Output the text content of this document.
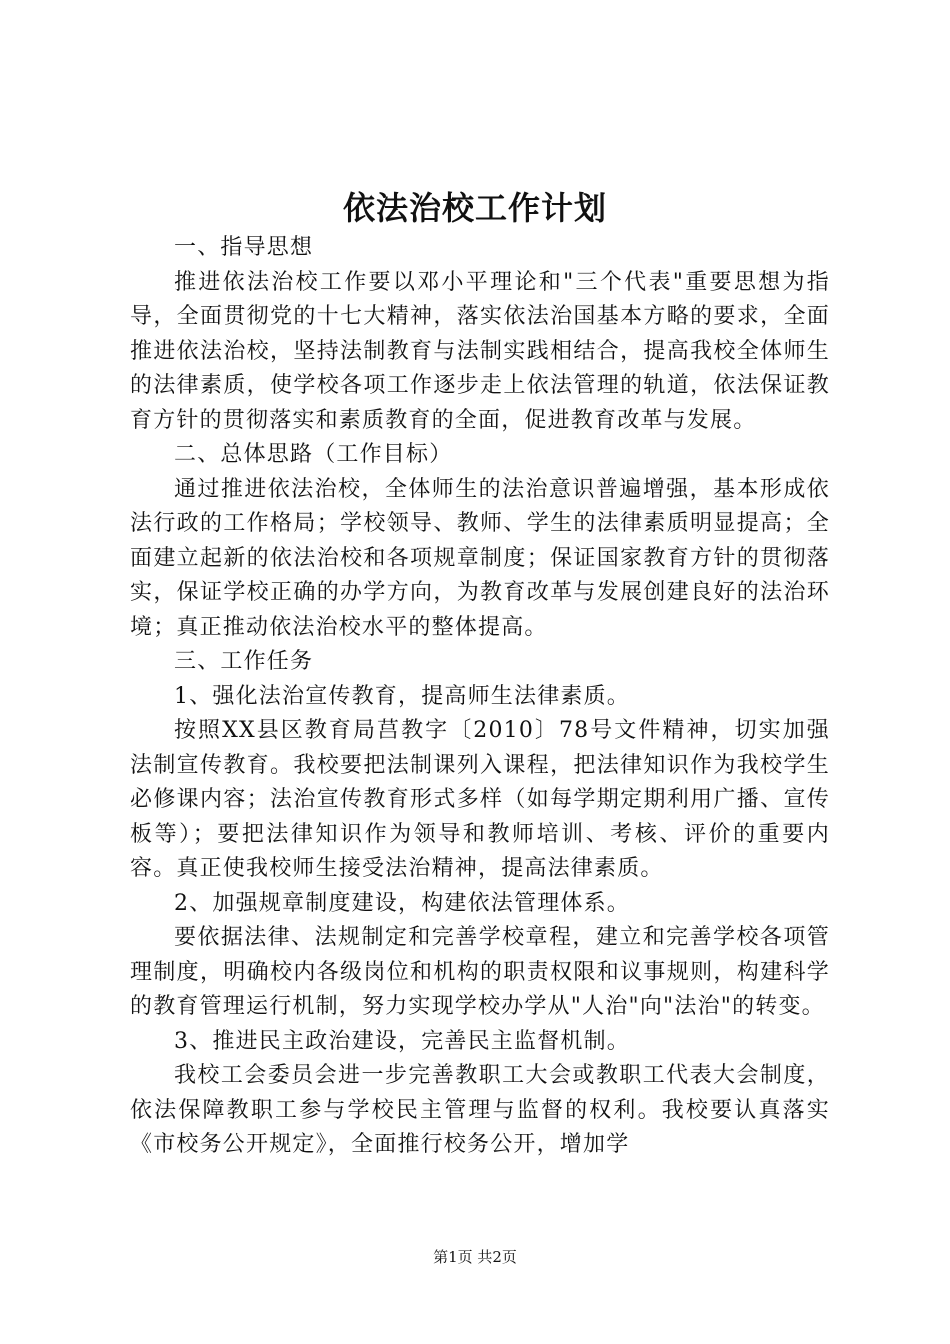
依法治校工作计划

一、指导思想

推进依法治校工作要以邓小平理论和"三个代表"重要思想为指导，全面贯彻党的十七大精神，落实依法治国基本方略的要求，全面推进依法治校，坚持法制教育与法制实践相结合，提高我校全体师生的法律素质，使学校各项工作逐步走上依法管理的轨道，依法保证教育方针的贯彻落实和素质教育的全面，促进教育改革与发展。

二、总体思路（工作目标）

通过推进依法治校，全体师生的法治意识普遍增强，基本形成依法行政的工作格局；学校领导、教师、学生的法律素质明显提高；全面建立起新的依法治校和各项规章制度；保证国家教育方针的贯彻落实，保证学校正确的办学方向，为教育改革与发展创建良好的法治环境；真正推动依法治校水平的整体提高。

三、工作任务

1、强化法治宣传教育，提高师生法律素质。

按照XX县区教育局莒教字〔2010〕78号文件精神，切实加强法制宣传教育。我校要把法制课列入课程，把法律知识作为我校学生必修课内容；法治宣传教育形式多样（如每学期定期利用广播、宣传板等）；要把法律知识作为领导和教师培训、考核、评价的重要内容。真正使我校师生接受法治精神，提高法律素质。

2、加强规章制度建设，构建依法管理体系。

要依据法律、法规制定和完善学校章程，建立和完善学校各项管理制度，明确校内各级岗位和机构的职责权限和议事规则，构建科学的教育管理运行机制，努力实现学校办学从"人治"向"法治"的转变。

3、推进民主政治建设，完善民主监督机制。

我校工会委员会进一步完善教职工大会或教职工代表大会制度，依法保障教职工参与学校民主管理与监督的权利。我校要认真落实《市校务公开规定》，全面推行校务公开，增加学

第1页 共2页
